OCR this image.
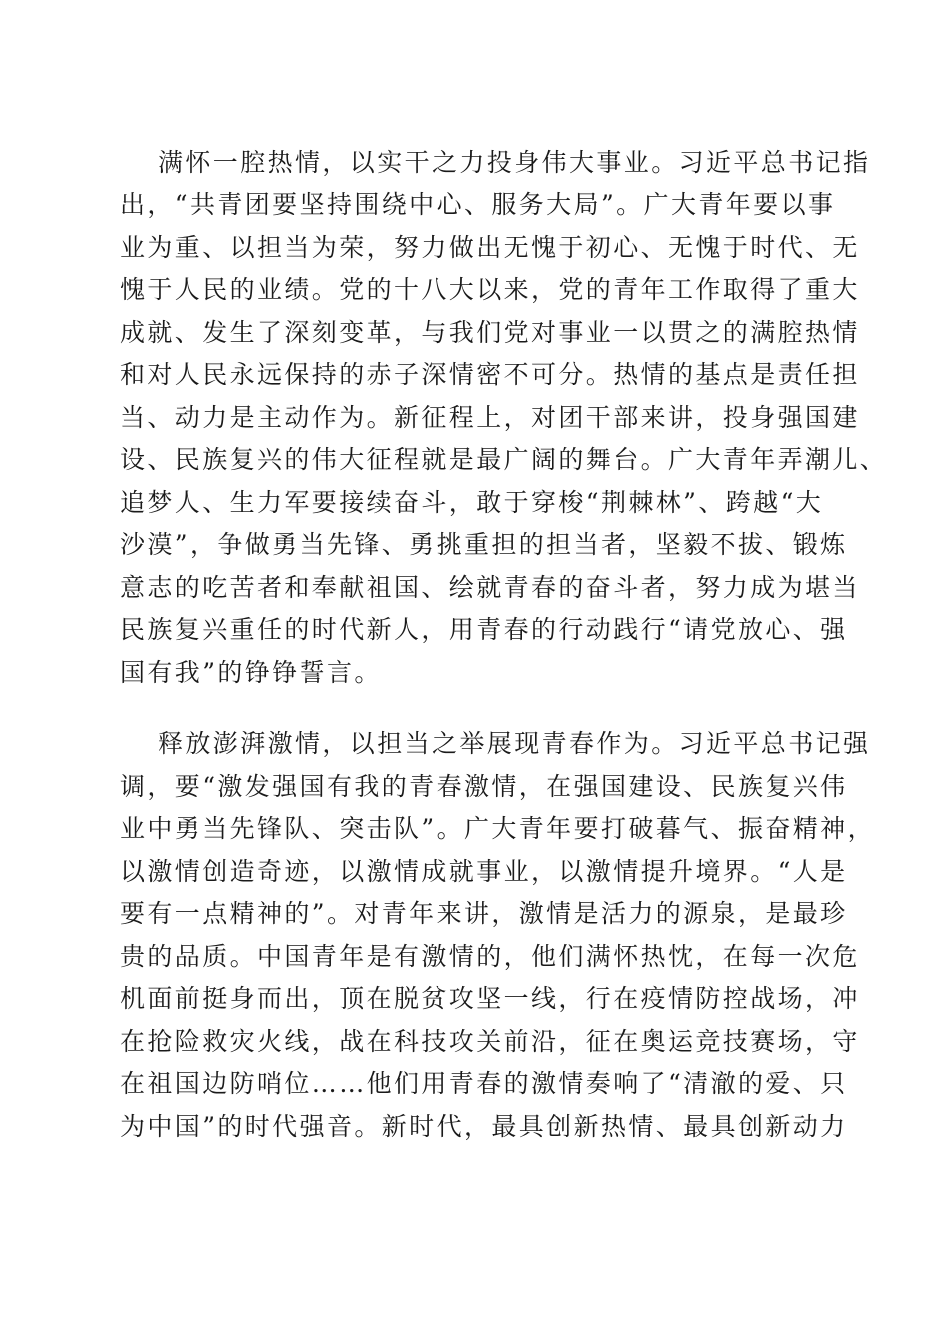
满怀一腔热情，以实干之力投身伟大事业。习近平总书记指
出，“共青团要坚持围绕中心、服务大局”。广大青年要以事
业为重、以担当为荣，努力做出无愧于初心、无愧于时代、无
愧于人民的业绩。党的十八大以来，党的青年工作取得了重大
成就、发生了深刻变革，与我们党对事业一以贯之的满腔热情
和对人民永远保持的赤子深情密不可分。热情的基点是责任担
当、动力是主动作为。新征程上，对团干部来讲，投身强国建
设、民族复兴的伟大征程就是最广阔的舞台。广大青年弄潮儿、
追梦人、生力军要接续奋斗，敢于穿梭“荆棘林”、跨越“大
沙漠”，争做勇当先锋、勇挑重担的担当者，坚毅不拔、锻炼
意志的吃苦者和奉献祖国、绘就青春的奋斗者，努力成为堪当
民族复兴重任的时代新人，用青春的行动践行“请党放心、强
国有我”的铮铮誓言。
释放澎湃激情，以担当之举展现青春作为。习近平总书记强
调，要“激发强国有我的青春激情，在强国建设、民族复兴伟
业中勇当先锋队、突击队”。广大青年要打破暮气、振奋精神，
以激情创造奇迹，以激情成就事业，以激情提升境界。“人是
要有一点精神的”。对青年来讲，激情是活力的源泉，是最珍
贵的品质。中国青年是有激情的，他们满怀热忱，在每一次危
机面前挺身而出，顶在脱贫攻坚一线，行在疫情防控战场，冲
在抢险救灾火线，战在科技攻关前沿，征在奥运竞技赛场，守
在祖国边防哨位……他们用青春的激情奏响了“清澈的爱、只
为中国”的时代强音。新时代，最具创新热情、最具创新动力
